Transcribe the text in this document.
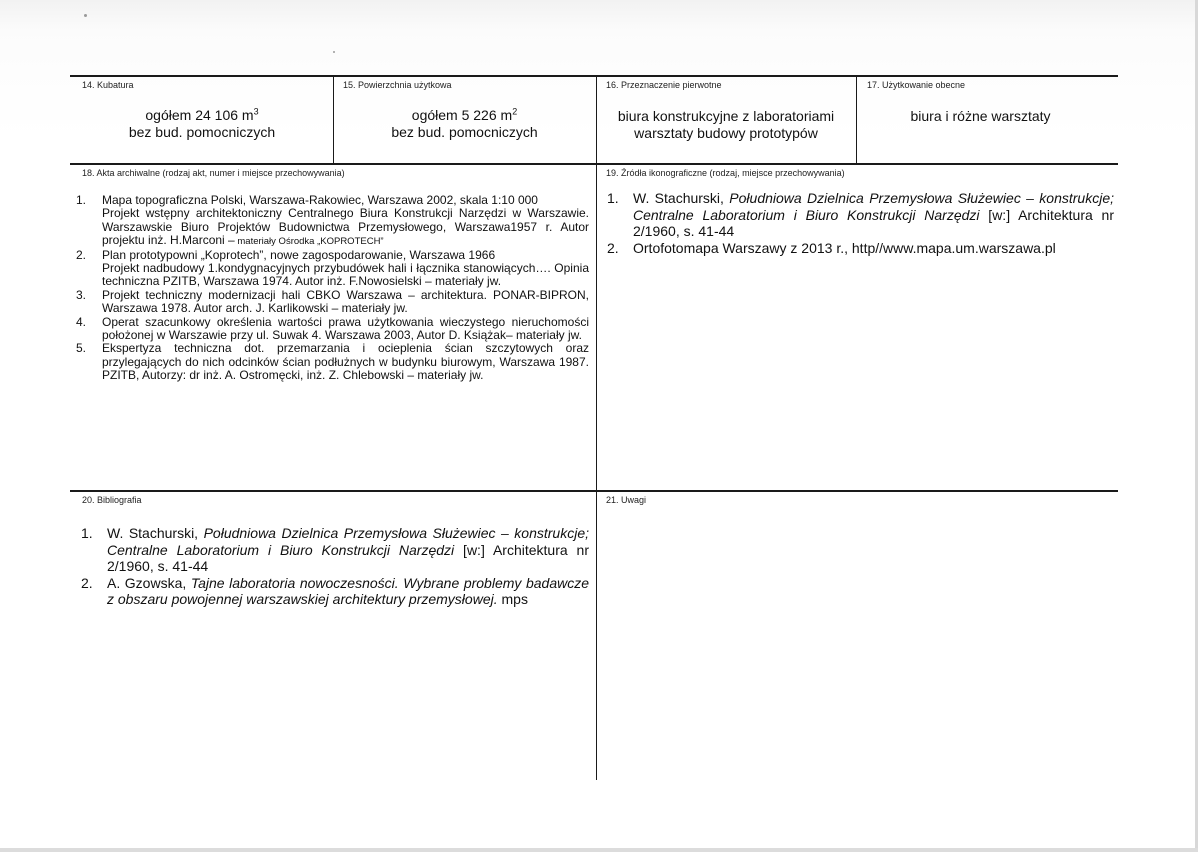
14. Kubatura
ogółem 24 106 $m^3$
bez bud. pomocniczych
15. Powierzchnia użytkowa
ogółem 5 226 $m^2$
bez bud. pomocniczych
16. Przeznaczenie pierwotne
biura konstrukcyjne z laboratoriami
warsztaty budowy prototypów
17. Użytkowanie obecne
biura i różne warsztaty
18. Akta archiwalne (rodzaj akt, numer i miejsce przechowywania)
1. Mapa topograficzna Polski, Warszawa-Rakowiec, Warszawa 2002, skala 1:10 000
Projekt wstępny architektoniczny Centralnego Biura Konstrukcji Narzędzi w Warszawie. Warszawskie Biuro Projektów Budownictwa Przemysłowego, Warszawa1957 r. Autor projektu inż. H.Marconi – materiały Ośrodka „KOPROTECH”
2. Plan prototypowni „Koprotech”, nowe zagospodarowanie, Warszawa 1966
Projekt nadbudowy 1.kondygnacyjnych przybudówek hali i łącznika stanowiących…. Opinia techniczna PZITB, Warszawa 1974. Autor inż. F.Nowosielski – materiały jw.
3. Projekt techniczny modernizacji hali CBKO Warszawa – architektura. PONAR-BIPRON, Warszawa 1978. Autor arch. J. Karlikowski – materiały jw.
4. Operat szacunkowy określenia wartości prawa użytkowania wieczystego nieruchomości położonej w Warszawie przy ul. Suwak 4. Warszawa 2003, Autor D. Książak– materiały jw.
5. Ekspertyza techniczna dot. przemarzania i ocieplenia ścian szczytowych oraz przylegających do nich odcinków ścian podłużnych w budynku biurowym, Warszawa 1987. PZITB, Autorzy: dr inż. A. Ostromęcki, inż. Z. Chlebowski – materiały jw.
19. Źródła ikonograficzne (rodzaj, miejsce przechowywania)
1. W. Stachurski, Południowa Dzielnica Przemysłowa Służewiec – konstrukcje; Centralne Laboratorium i Biuro Konstrukcji Narzędzi [w:] Architektura nr 2/1960, s. 41-44
2. Ortofotomapa Warszawy z 2013 r., http//www.mapa.um.warszawa.pl
20. Bibliografia
1. W. Stachurski, Południowa Dzielnica Przemysłowa Służewiec – konstrukcje; Centralne Laboratorium i Biuro Konstrukcji Narzędzi [w:] Architektura nr 2/1960, s. 41-44
2. A. Gzowska, Tajne laboratoria nowoczesności. Wybrane problemy badawcze z obszaru powojennej warszawskiej architektury przemysłowej. mps
21. Uwagi
